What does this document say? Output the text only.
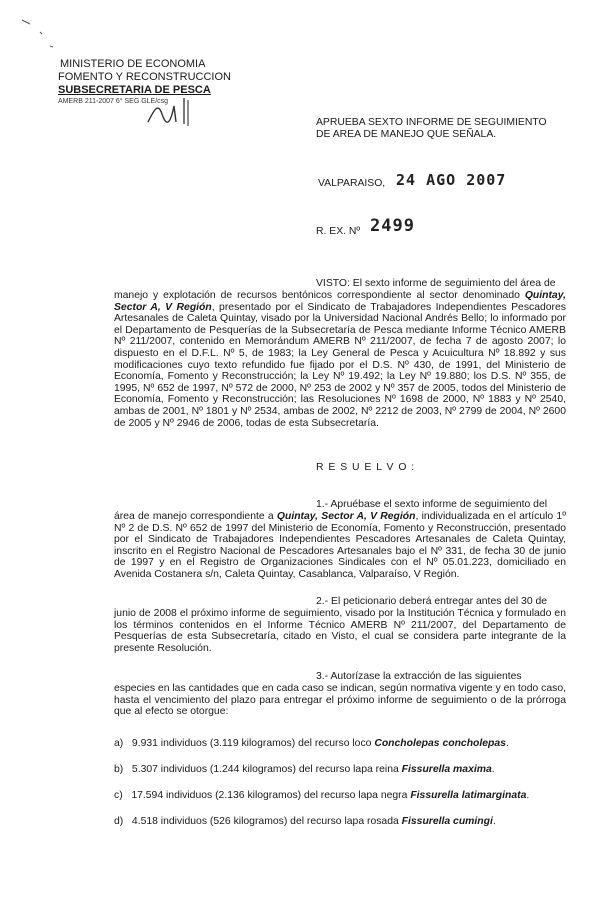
MINISTERIO DE ECONOMIA
FOMENTO Y RECONSTRUCCION
SUBSECRETARIA DE PESCA
AMERB 211-2007 6° SEG GLE/csg
APRUEBA SEXTO INFORME DE SEGUIMIENTO
DE AREA DE MANEJO QUE SEÑALA.
VALPARAISO, 24 AGO 2007
R. EX. Nº 2499
VISTO: El sexto informe de seguimiento del área de
manejo y explotación de recursos bentónicos correspondiente al sector denominado Quintay, Sector A, V Región, presentado por el Sindicato de Trabajadores Independientes Pescadores Artesanales de Caleta Quintay, visado por la Universidad Nacional Andrés Bello; lo informado por el Departamento de Pesquerías de la Subsecretaría de Pesca mediante Informe Técnico AMERB Nº 211/2007, contenido en Memorándum AMERB Nº 211/2007, de fecha 7 de agosto 2007; lo dispuesto en el D.F.L. Nº 5, de 1983; la Ley General de Pesca y Acuicultura Nº 18.892 y sus modificaciones cuyo texto refundido fue fijado por el D.S. Nº 430, de 1991, del Ministerio de Economía, Fomento y Reconstrucción; la Ley Nº 19.492; la Ley Nº 19.880; los D.S. Nº 355, de 1995, Nº 652 de 1997, Nº 572 de 2000, Nº 253 de 2002 y Nº 357 de 2005, todos del Ministerio de Economía, Fomento y Reconstrucción; las Resoluciones Nº 1698 de 2000, Nº 1883 y Nº 2540, ambas de 2001, Nº 1801 y Nº 2534, ambas de 2002, Nº 2212 de 2003, Nº 2799 de 2004, Nº 2600 de 2005 y Nº 2946 de 2006, todas de esta Subsecretaría.
R E S U E L V O :
1.- Apruébase el sexto informe de seguimiento del
área de manejo correspondiente a Quintay, Sector A, V Región, individualizada en el artículo 1º Nº 2 de D.S. Nº 652 de 1997 del Ministerio de Economía, Fomento y Reconstrucción, presentado por el Sindicato de Trabajadores Independientes Pescadores Artesanales de Caleta Quintay, inscrito en el Registro Nacional de Pescadores Artesanales bajo el Nº 331, de fecha 30 de junio de 1997 y en el Registro de Organizaciones Sindicales con el Nº 05.01.223, domiciliado en Avenida Costanera s/n, Caleta Quintay, Casablanca, Valparaíso, V Región.
2.- El peticionario deberá entregar antes del 30 de
junio de 2008 el próximo informe de seguimiento, visado por la Institución Técnica y formulado en los términos contenidos en el Informe Técnico AMERB Nº 211/2007, del Departamento de Pesquerías de esta Subsecretaría, citado en Visto, el cual se considera parte integrante de la presente Resolución.
3.- Autorízase la extracción de las siguientes
especies en las cantidades que en cada caso se indican, según normativa vigente y en todo caso, hasta el vencimiento del plazo para entregar el próximo informe de seguimiento o de la prórroga que al efecto se otorgue:
a) 9.931 individuos (3.119 kilogramos) del recurso loco Concholepas concholepas.
b) 5.307 individuos (1.244 kilogramos) del recurso lapa reina Fissurella maxima.
c) 17.594 individuos (2.136 kilogramos) del recurso lapa negra Fissurella latimarginata.
d) 4.518 individuos (526 kilogramos) del recurso lapa rosada Fissurella cumingi.
